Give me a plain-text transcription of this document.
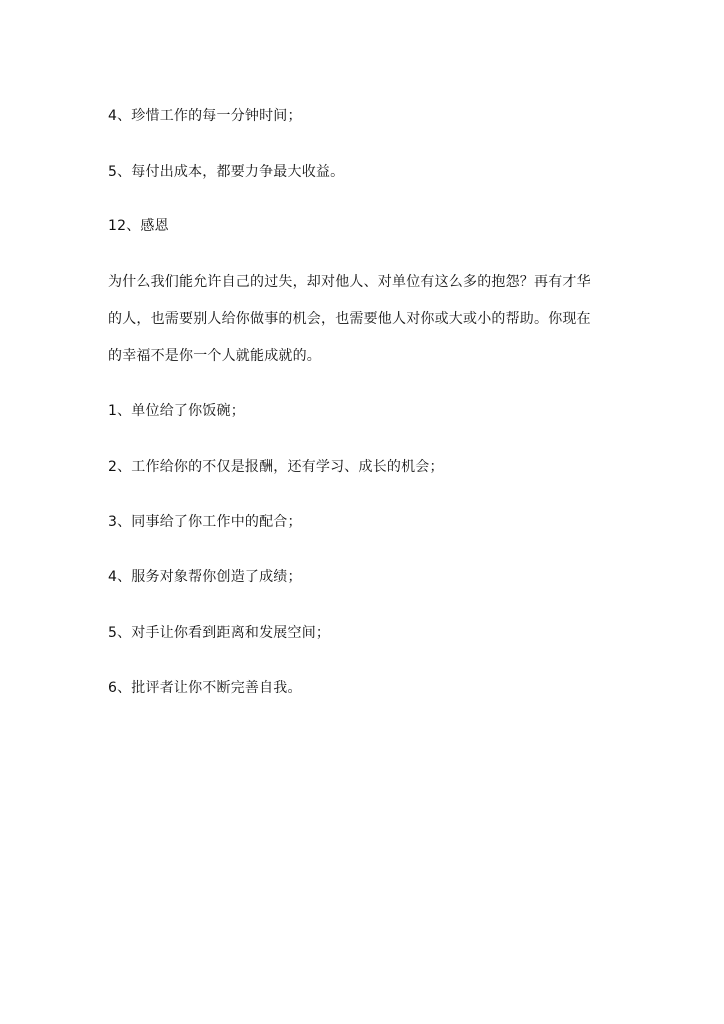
4、珍惜工作的每一分钟时间；
5、每付出成本，都要力争最大收益。
12、感恩
为什么我们能允许自己的过失，却对他人、对单位有这么多的抱怨？再有才华
的人，也需要别人给你做事的机会，也需要他人对你或大或小的帮助。你现在
的幸福不是你一个人就能成就的。
1、单位给了你饭碗；
2、工作给你的不仅是报酬，还有学习、成长的机会；
3、同事给了你工作中的配合；
4、服务对象帮你创造了成绩；
5、对手让你看到距离和发展空间；
6、批评者让你不断完善自我。
